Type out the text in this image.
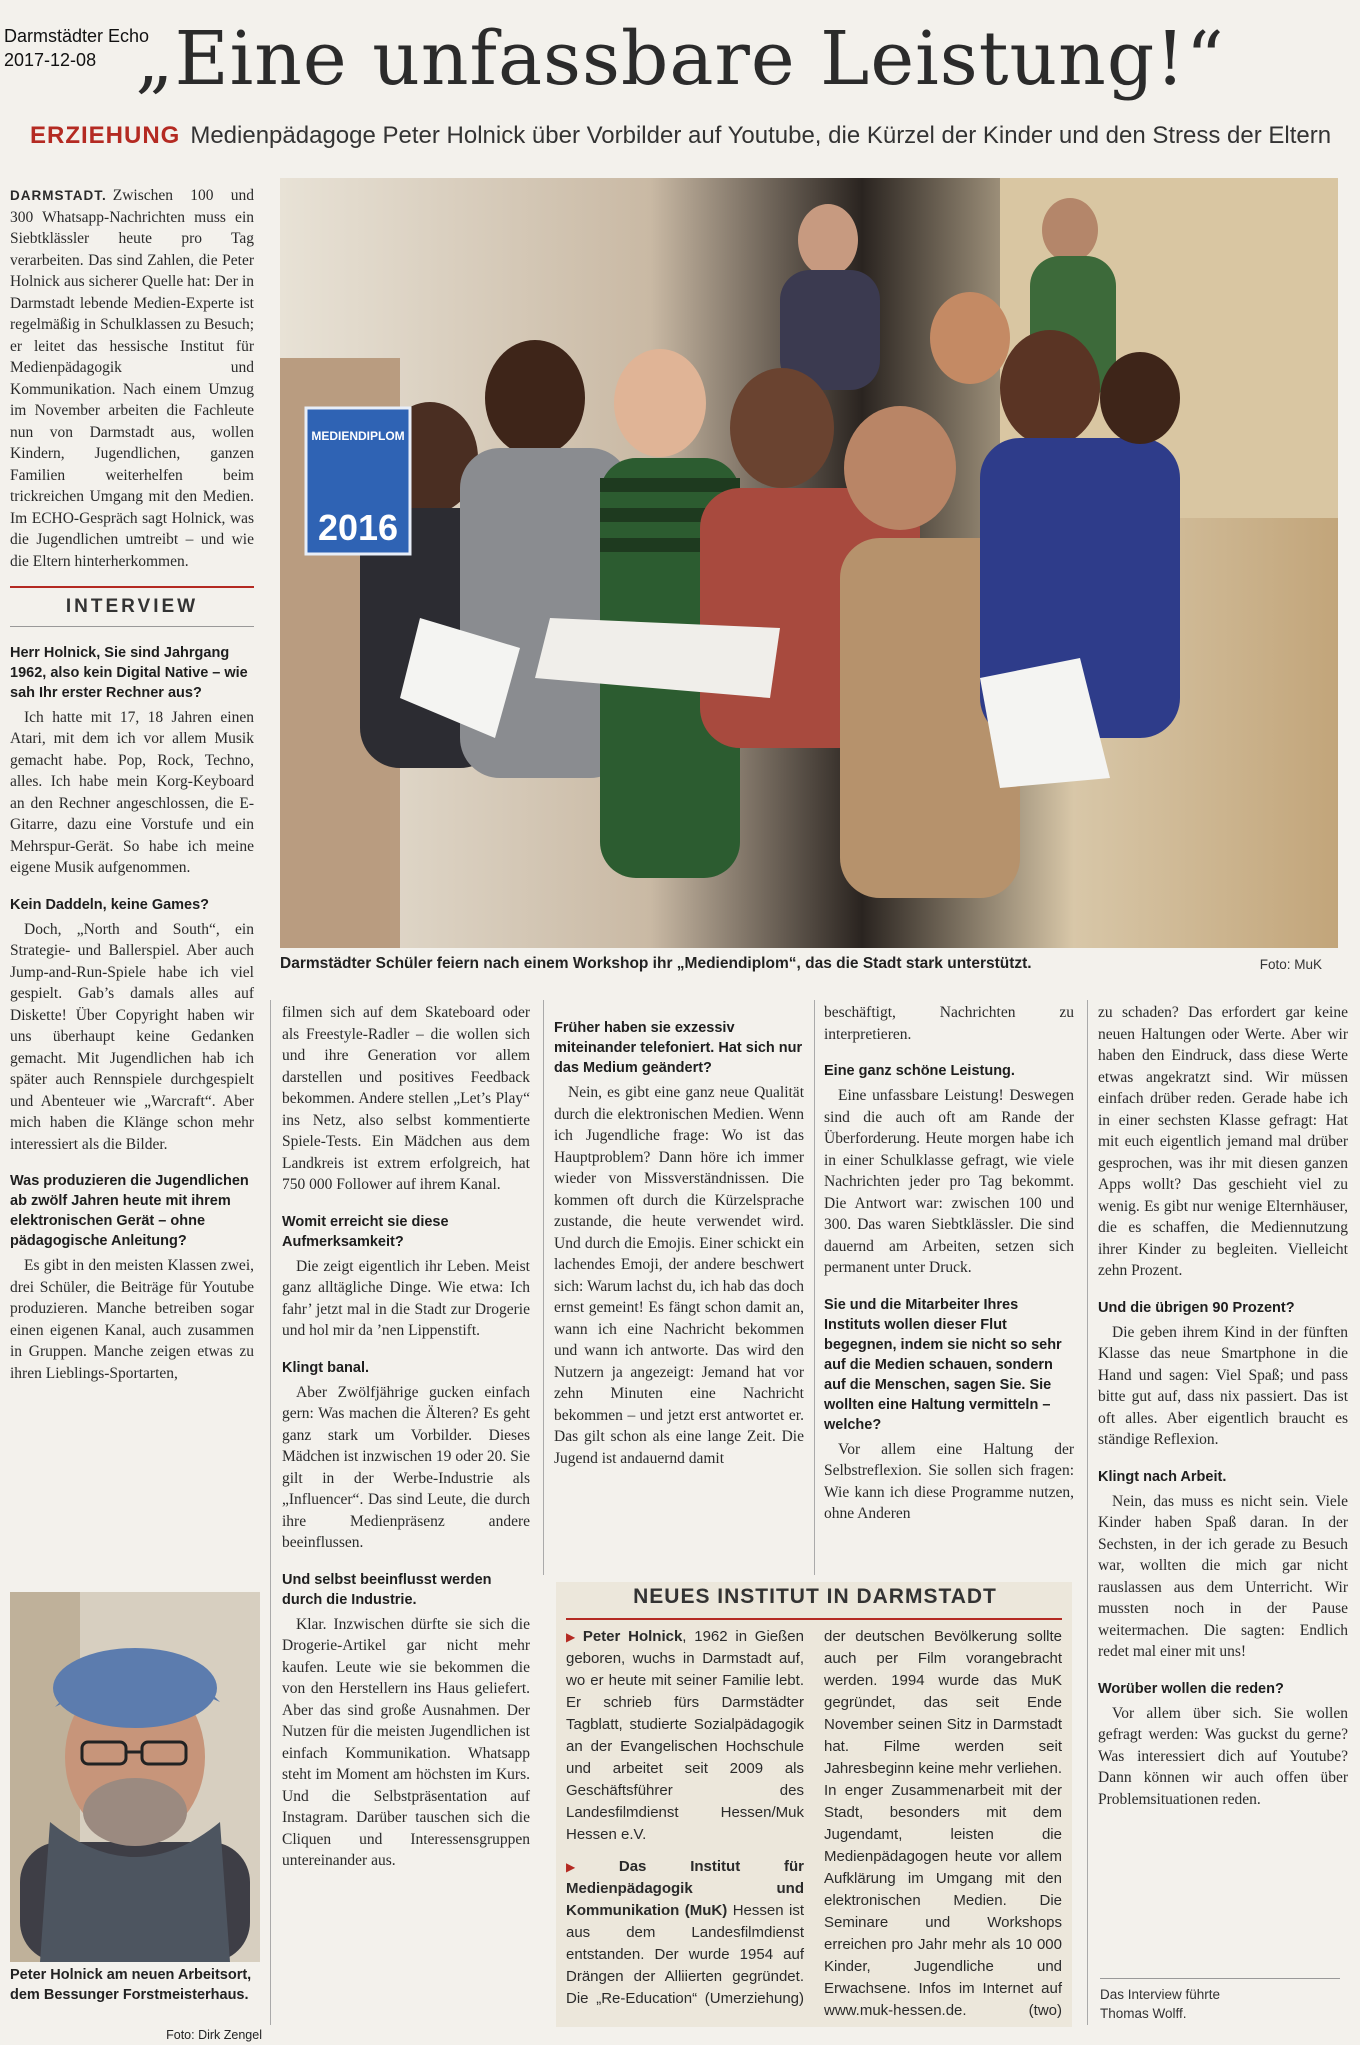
Darmstädter Echo
2017-12-08 „Eine unfassbare Leistung!“
ERZIEHUNG Medienpädagoge Peter Holnick über Vorbilder auf Youtube, die Kürzel der Kinder und den Stress der Eltern

DARMSTADT. Zwischen 100 und 300 Whatsapp-Nachrichten muss ein Siebtklässler heute pro Tag verarbeiten. Das sind Zahlen, die Peter Holnick aus sicherer Quelle hat: Der in Darmstadt lebende Medien-Experte ist regelmäßig in Schulklassen zu Besuch; er leitet das hessische Institut für Medienpädagogik und Kommunikation. Nach einem Umzug im November arbeiten die Fachleute nun von Darmstadt aus, wollen Kindern, Jugendlichen, ganzen Familien weiterhelfen beim trickreichen Umgang mit den Medien. Im ECHO-Gespräch sagt Holnick, was die Jugendlichen umtreibt – und wie die Eltern hinterherkommen.

INTERVIEW
Herr Holnick, Sie sind Jahrgang 1962, also kein Digital Native – wie sah Ihr erster Rechner aus?

Ich hatte mit 17, 18 Jahren einen Atari, mit dem ich vor allem Musik gemacht habe. Pop, Rock, Techno, alles. Ich habe mein Korg-Keyboard an den Rechner angeschlossen, die E-Gitarre, dazu eine Vorstufe und ein Mehrspur-Gerät. So habe ich meine eigene Musik aufgenommen.

Kein Daddeln, keine Games?

Doch, „North and South“, ein Strategie- und Ballerspiel. Aber auch Jump-and-Run-Spiele habe ich viel gespielt. Gab’s damals alles auf Diskette! Über Copyright haben wir uns überhaupt keine Gedanken gemacht. Mit Jugendlichen hab ich später auch Rennspiele durchgespielt und Abenteuer wie „Warcraft“. Aber mich haben die Klänge schon mehr interessiert als die Bilder.

Was produzieren die Jugendlichen ab zwölf Jahren heute mit ihrem elektronischen Gerät – ohne pädagogische Anleitung?

Es gibt in den meisten Klassen zwei, drei Schüler, die Beiträge für Youtube produzieren. Manche betreiben sogar einen eigenen Kanal, auch zusammen in Gruppen. Manche zeigen etwas zu ihren Lieblings-Sportarten,

MEDIENDIPLOM
2016
Darmstädter Schüler feiern nach einem Workshop ihr „Mediendiplom“, das die Stadt stark unterstützt.	Foto: MuK
Peter Holnick am neuen Arbeitsort, dem Bessunger Forstmeisterhaus.
Foto: Dirk Zengel

filmen sich auf dem Skateboard oder als Freestyle-Radler – die wollen sich und ihre Generation vor allem darstellen und positives Feedback bekommen. Andere stellen „Let’s Play“ ins Netz, also selbst kommentierte Spiele-Tests. Ein Mädchen aus dem Landkreis ist extrem erfolgreich, hat 750 000 Follower auf ihrem Kanal.

Womit erreicht sie diese Aufmerksamkeit?

Die zeigt eigentlich ihr Leben. Meist ganz alltägliche Dinge. Wie etwa: Ich fahr’ jetzt mal in die Stadt zur Drogerie und hol mir da ’nen Lippenstift.

Klingt banal.

Aber Zwölfjährige gucken einfach gern: Was machen die Älteren? Es geht ganz stark um Vorbilder. Dieses Mädchen ist inzwischen 19 oder 20. Sie gilt in der Werbe-Industrie als „Influencer“. Das sind Leute, die durch ihre Medienpräsenz andere beeinflussen.

Und selbst beeinflusst werden durch die Industrie.

Klar. Inzwischen dürfte sie sich die Drogerie-Artikel gar nicht mehr kaufen. Leute wie sie bekommen die von den Herstellern ins Haus geliefert. Aber das sind große Ausnahmen. Der Nutzen für die meisten Jugendlichen ist einfach Kommunikation. Whatsapp steht im Moment am höchsten im Kurs. Und die Selbstpräsentation auf Instagram. Darüber tauschen sich die Cliquen und Interessensgruppen untereinander aus.

Früher haben sie exzessiv miteinander telefoniert. Hat sich nur das Medium geändert?

Nein, es gibt eine ganz neue Qualität durch die elektronischen Medien. Wenn ich Jugendliche frage: Wo ist das Hauptproblem? Dann höre ich immer wieder von Missverständnissen. Die kommen oft durch die Kürzelsprache zustande, die heute verwendet wird. Und durch die Emojis. Einer schickt ein lachendes Emoji, der andere beschwert sich: Warum lachst du, ich hab das doch ernst gemeint! Es fängt schon damit an, wann ich eine Nachricht bekommen und wann ich antworte. Das wird den Nutzern ja angezeigt: Jemand hat vor zehn Minuten eine Nachricht bekommen – und jetzt erst antwortet er. Das gilt schon als eine lange Zeit. Die Jugend ist andauernd damit

beschäftigt, Nachrichten zu interpretieren.

Eine ganz schöne Leistung.

Eine unfassbare Leistung! Deswegen sind die auch oft am Rande der Überforderung. Heute morgen habe ich in einer Schulklasse gefragt, wie viele Nachrichten jeder pro Tag bekommt. Die Antwort war: zwischen 100 und 300. Das waren Siebtklässler. Die sind dauernd am Arbeiten, setzen sich permanent unter Druck.

Sie und die Mitarbeiter Ihres Instituts wollen dieser Flut begegnen, indem sie nicht so sehr auf die Medien schauen, sondern auf die Menschen, sagen Sie. Sie wollten eine Haltung vermitteln – welche?

Vor allem eine Haltung der Selbstreflexion. Sie sollen sich fragen: Wie kann ich diese Programme nutzen, ohne Anderen

zu schaden? Das erfordert gar keine neuen Haltungen oder Werte. Aber wir haben den Eindruck, dass diese Werte etwas angekratzt sind. Wir müssen einfach drüber reden. Gerade habe ich in einer sechsten Klasse gefragt: Hat mit euch eigentlich jemand mal drüber gesprochen, was ihr mit diesen ganzen Apps wollt? Das geschieht viel zu wenig. Es gibt nur wenige Elternhäuser, die es schaffen, die Mediennutzung ihrer Kinder zu begleiten. Vielleicht zehn Prozent.

Und die übrigen 90 Prozent?

Die geben ihrem Kind in der fünften Klasse das neue Smartphone in die Hand und sagen: Viel Spaß; und pass bitte gut auf, dass nix passiert. Das ist oft alles. Aber eigentlich braucht es ständige Reflexion.

Klingt nach Arbeit.

Nein, das muss es nicht sein. Viele Kinder haben Spaß daran. In der Sechsten, in der ich gerade zu Besuch war, wollten die mich gar nicht rauslassen aus dem Unterricht. Wir mussten noch in der Pause weitermachen. Die sagten: Endlich redet mal einer mit uns!

Worüber wollen die reden?

Vor allem über sich. Sie wollen gefragt werden: Was guckst du gerne? Was interessiert dich auf Youtube? Dann können wir auch offen über Problemsituationen reden.

NEUES INSTITUT IN DARMSTADT

▶ Peter Holnick, 1962 in Gießen geboren, wuchs in Darmstadt auf, wo er heute mit seiner Familie lebt. Er schrieb fürs Darmstädter Tagblatt, studierte Sozialpädagogik an der Evangelischen Hochschule und arbeitet seit 2009 als Geschäftsführer des Landesfilmdienst Hessen/Muk Hessen e.V.

▶ Das Institut für Medienpädagogik und Kommunikation (MuK) Hessen ist aus dem Landesfilmdienst entstanden. Der wurde 1954 auf Drängen der Alliierten gegründet. Die „Re-Education“ (Umerziehung) der deutschen Bevölkerung sollte auch per Film vorangebracht werden. 1994 wurde das MuK gegründet, das seit Ende November seinen Sitz in Darmstadt hat. Filme werden seit Jahresbeginn keine mehr verliehen. In enger Zusammenarbeit mit der Stadt, besonders mit dem Jugendamt, leisten die Medienpädagogen heute vor allem Aufklärung im Umgang mit den elektronischen Medien. Die Seminare und Workshops erreichen pro Jahr mehr als 10 000 Kinder, Jugendliche und Erwachsene. Infos im Internet auf www.muk-hessen.de.	(two)

Das Interview führte
Thomas Wolff.
